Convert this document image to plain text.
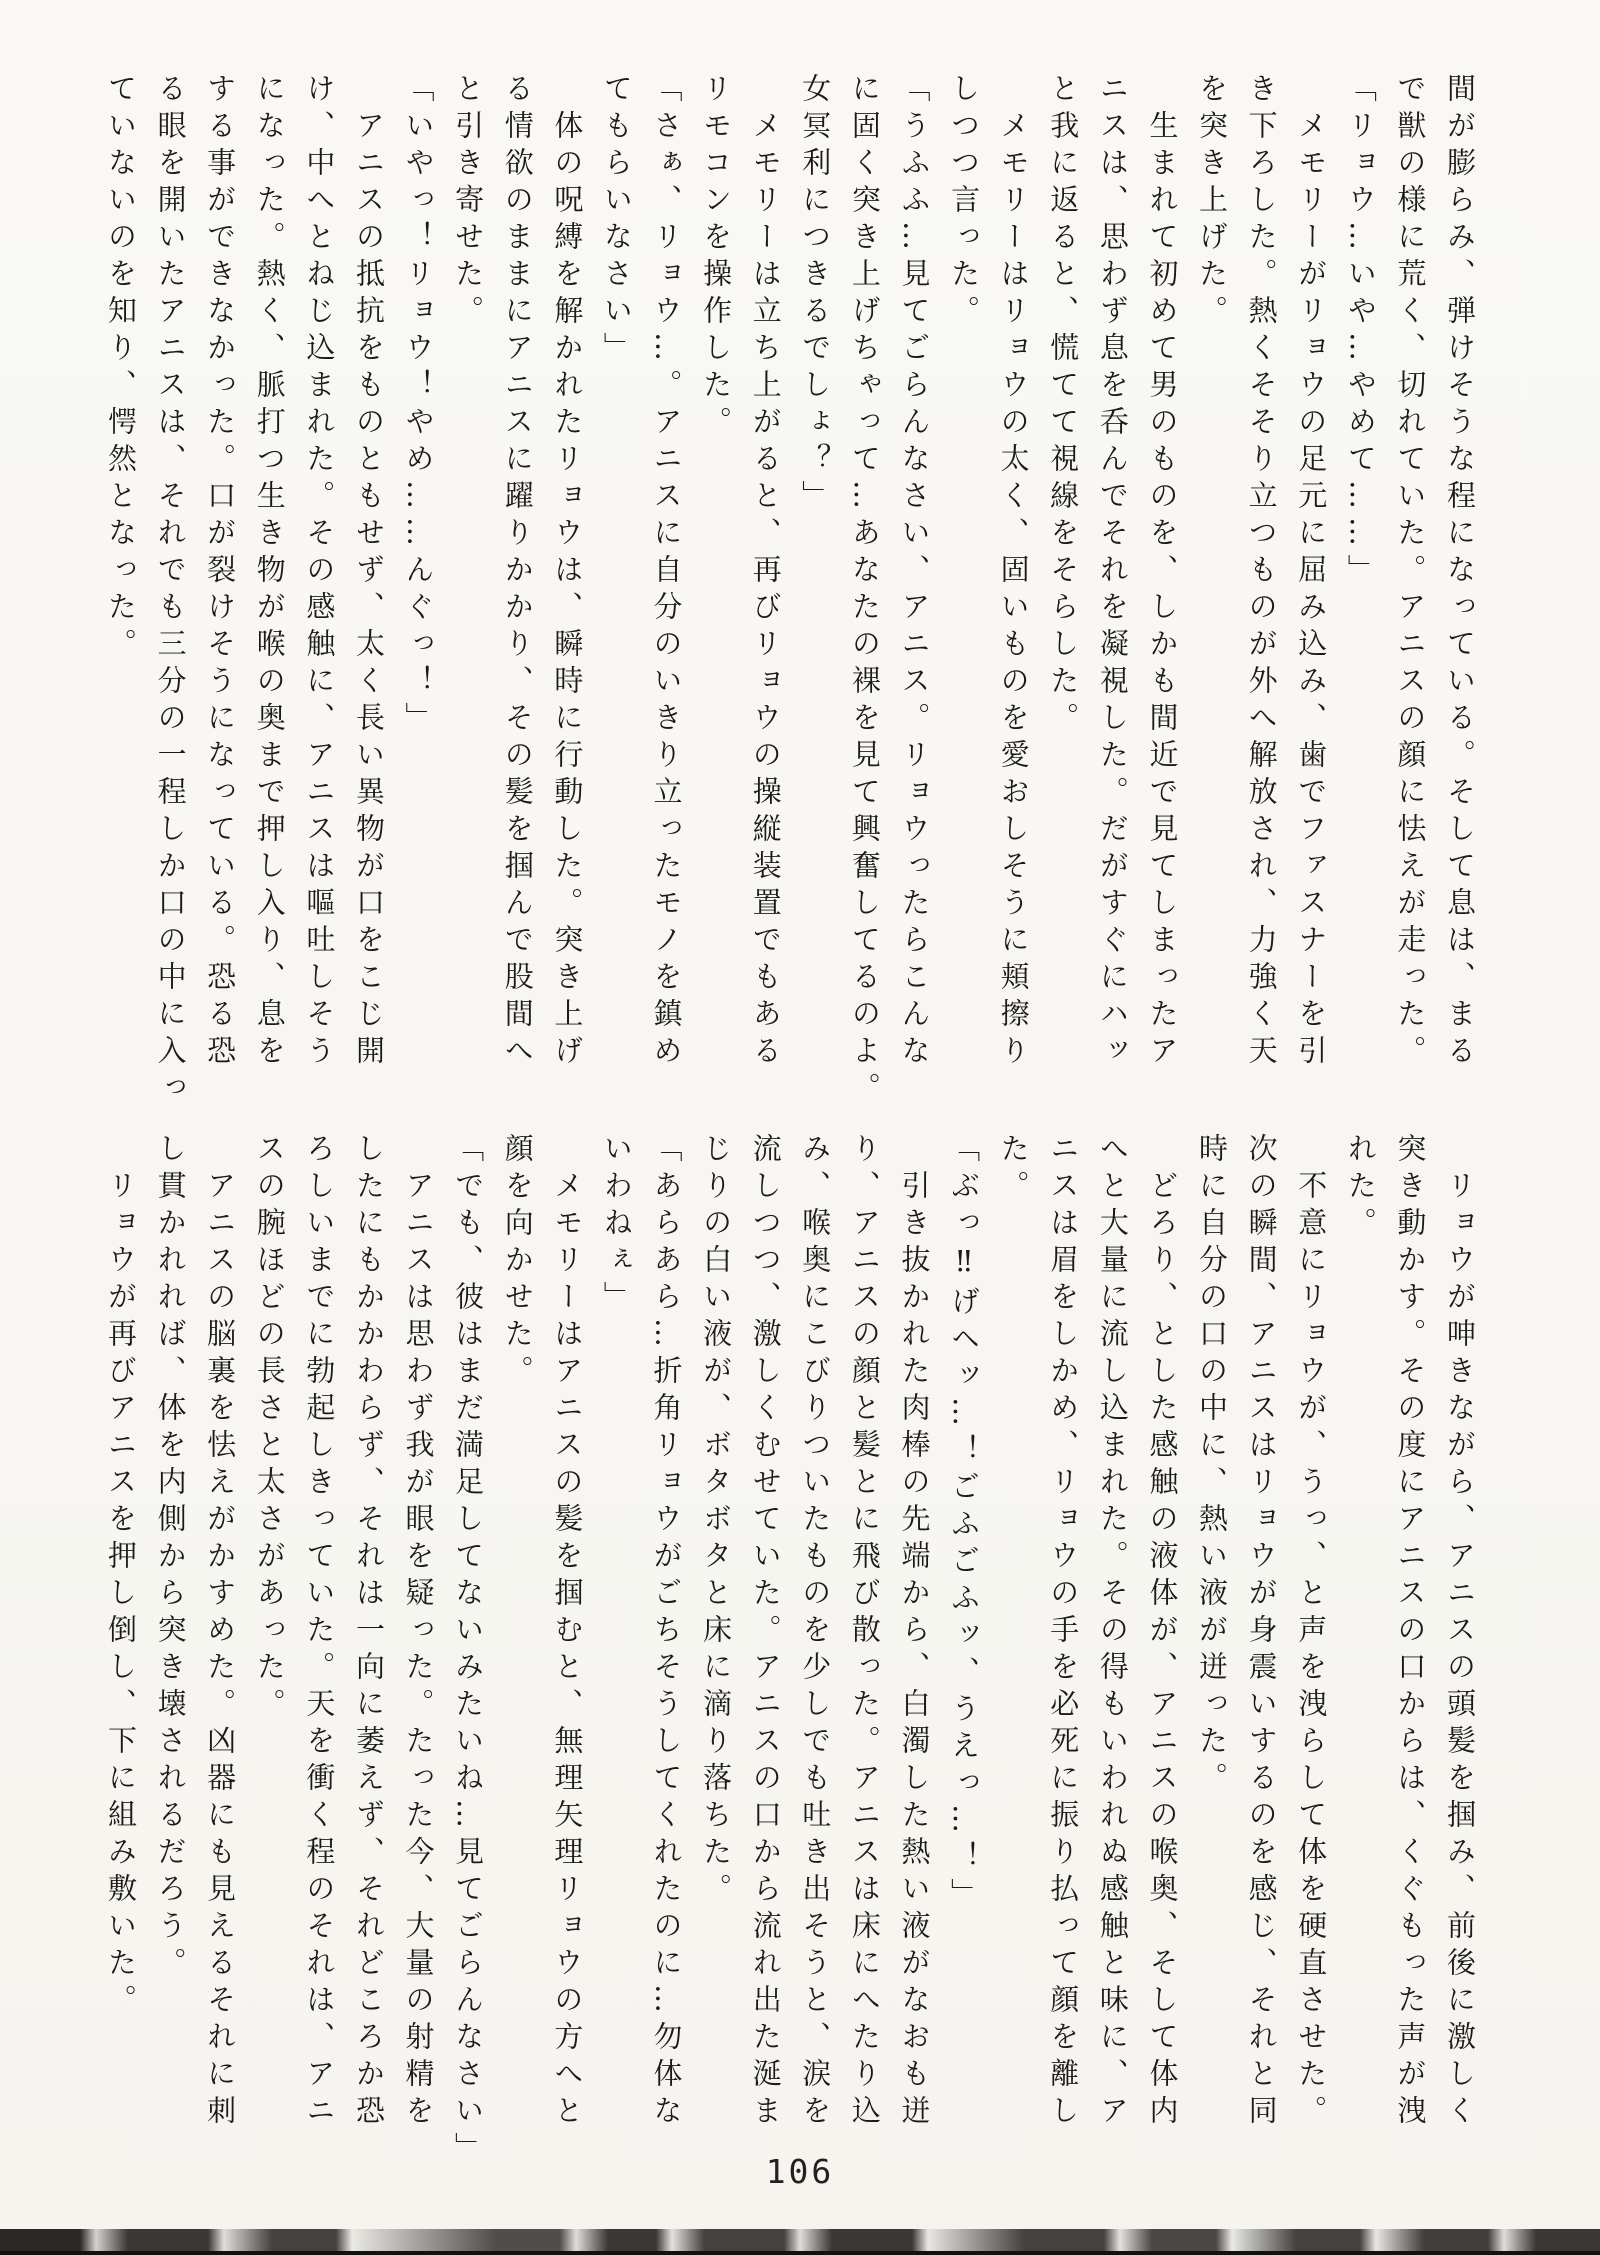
間が膨らみ、弾けそうな程になっている。そして息は、まる
で獣の様に荒く、切れていた。アニスの顔に怯えが走った。
「リョウ…いや…やめて……」
メモリーがリョウの足元に屈み込み、歯でファスナーを引
き下ろした。熱くそそり立つものが外へ解放され、力強く天
を突き上げた。
生まれて初めて男のものを、しかも間近で見てしまったア
ニスは、思わず息を呑んでそれを凝視した。だがすぐにハッ
と我に返ると、慌てて視線をそらした。
メモリーはリョウの太く、固いものを愛おしそうに頬擦り
しつつ言った。
「うふふ…見てごらんなさい、アニス。リョウったらこんな
に固く突き上げちゃって…あなたの裸を見て興奮してるのよ。
女冥利につきるでしょ？」
メモリーは立ち上がると、再びリョウの操縦装置でもある
リモコンを操作した。
「さぁ、リョウ…。アニスに自分のいきり立ったモノを鎮め
てもらいなさい」
体の呪縛を解かれたリョウは、瞬時に行動した。突き上げ
る情欲のままにアニスに躍りかかり、その髪を掴んで股間へ
と引き寄せた。
「いやっ！リョウ！やめ……んぐっ！」
アニスの抵抗をものともせず、太く長い異物が口をこじ開
け、中へとねじ込まれた。その感触に、アニスは嘔吐しそう
になった。熱く、脈打つ生き物が喉の奥まで押し入り、息を
する事ができなかった。口が裂けそうになっている。恐る恐
る眼を開いたアニスは、それでも三分の一程しか口の中に入っ
ていないのを知り、愕然となった。
リョウが呻きながら、アニスの頭髪を掴み、前後に激しく
突き動かす。その度にアニスの口からは、くぐもった声が洩
れた。
不意にリョウが、うっ、と声を洩らして体を硬直させた。
次の瞬間、アニスはリョウが身震いするのを感じ、それと同
時に自分の口の中に、熱い液が迸った。
どろり、とした感触の液体が、アニスの喉奥、そして体内
へと大量に流し込まれた。その得もいわれぬ感触と味に、ア
ニスは眉をしかめ、リョウの手を必死に振り払って顔を離し
た。
「ぶっ‼げヘッ…！ごふごふッ、うえっ…！」
引き抜かれた肉棒の先端から、白濁した熱い液がなおも迸
り、アニスの顔と髪とに飛び散った。アニスは床にへたり込
み、喉奥にこびりついたものを少しでも吐き出そうと、涙を
流しつつ、激しくむせていた。アニスの口から流れ出た涎ま
じりの白い液が、ボタボタと床に滴り落ちた。
「あらあら…折角リョウがごちそうしてくれたのに…勿体な
いわねぇ」
メモリーはアニスの髪を掴むと、無理矢理リョウの方へと
顔を向かせた。
「でも、彼はまだ満足してないみたいね…見てごらんなさい」
アニスは思わず我が眼を疑った。たった今、大量の射精を
したにもかかわらず、それは一向に萎えず、それどころか恐
ろしいまでに勃起しきっていた。天を衝く程のそれは、アニ
スの腕ほどの長さと太さがあった。
アニスの脳裏を怯えがかすめた。凶器にも見えるそれに刺
し貫かれれば、体を内側から突き壊されるだろう。
リョウが再びアニスを押し倒し、下に組み敷いた。
106
